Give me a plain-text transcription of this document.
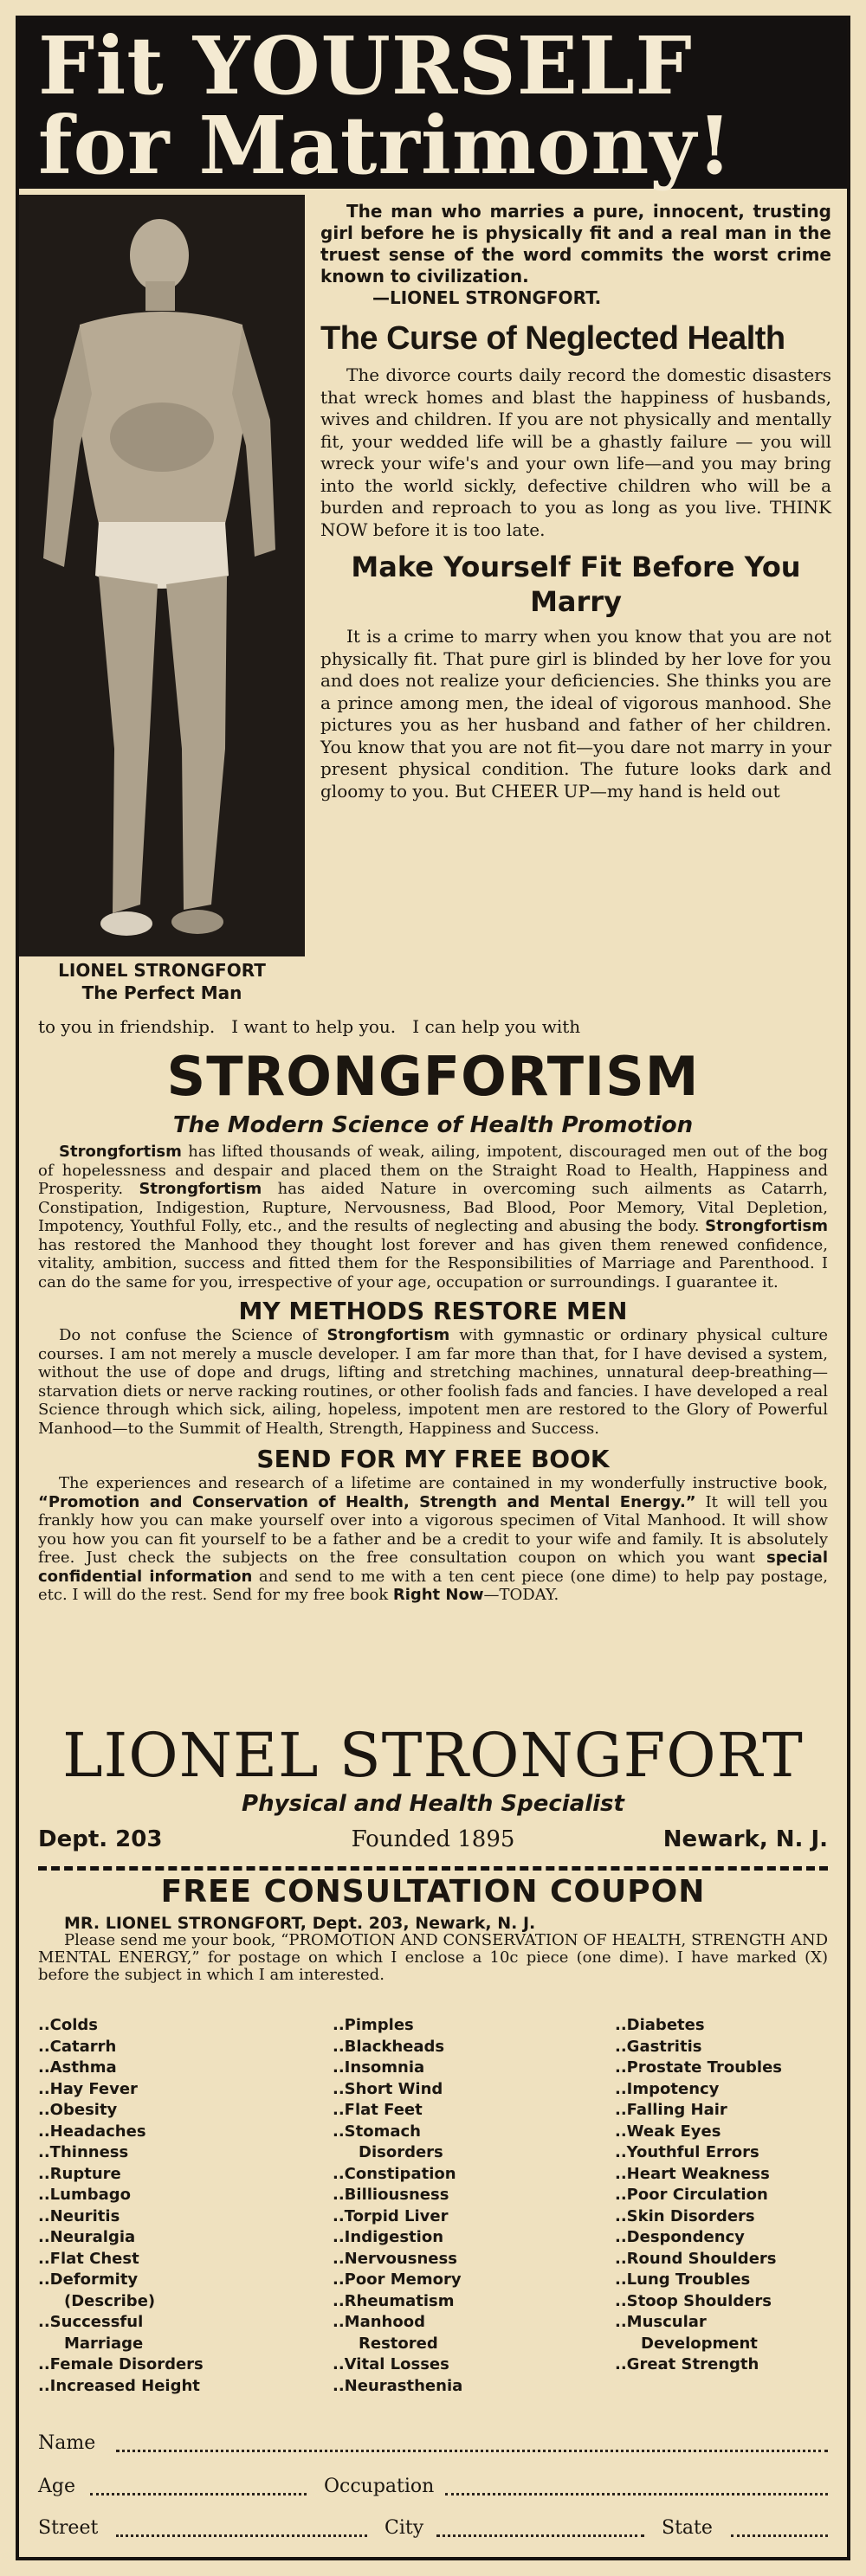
Fit YOURSELF
for Matrimony!
LIONEL STRONGFORT
The Perfect Man

The man who marries a pure, innocent, trusting girl before he is physically fit and a real man in the truest sense of the word commits the worst crime known to civilization.

—LIONEL STRONGFORT.

The Curse of Neglected Health

The divorce courts daily record the domestic disasters that wreck homes and blast the happiness of husbands, wives and children. If you are not physically and mentally fit, your wedded life will be a ghastly failure — you will wreck your wife's and your own life—and you may bring into the world sickly, defective children who will be a burden and reproach to you as long as you live. THINK NOW before it is too late.

Make Yourself Fit Before You Marry

It is a crime to marry when you know that you are not physically fit. That pure girl is blinded by her love for you and does not realize your deficiencies. She thinks you are a prince among men, the ideal of vigorous manhood. She pictures you as her husband and father of her children. You know that you are not fit—you dare not marry in your present physical condition. The future looks dark and gloomy to you. But CHEER UP—my hand is held out

to you in friendship.   I want to help you.   I can help you with
STRONGFORTISM
The Modern Science of Health Promotion

Strongfortism has lifted thousands of weak, ailing, impotent, discouraged men out of the bog of hopelessness and despair and placed them on the Straight Road to Health, Happiness and Prosperity. Strongfortism has aided Nature in overcoming such ailments as Catarrh, Constipation, Indigestion, Rupture, Nervousness, Bad Blood, Poor Memory, Vital Depletion, Impotency, Youthful Folly, etc., and the results of neglecting and abusing the body. Strongfortism has restored the Manhood they thought lost forever and has given them renewed confidence, vitality, ambition, success and fitted them for the Responsibilities of Marriage and Parenthood. I can do the same for you, irrespective of your age, occupation or surroundings. I guarantee it.

MY METHODS RESTORE MEN

Do not confuse the Science of Strongfortism with gymnastic or ordinary physical culture courses. I am not merely a muscle developer. I am far more than that, for I have devised a system, without the use of dope and drugs, lifting and stretching machines, unnatural deep-breathing—starvation diets or nerve racking routines, or other foolish fads and fancies. I have developed a real Science through which sick, ailing, hopeless, impotent men are restored to the Glory of Powerful Manhood—to the Summit of Health, Strength, Happiness and Success.

SEND FOR MY FREE BOOK

The experiences and research of a lifetime are contained in my wonderfully instructive book, “Promotion and Conservation of Health, Strength and Mental Energy.” It will tell you frankly how you can make yourself over into a vigorous specimen of Vital Manhood. It will show you how you can fit yourself to be a father and be a credit to your wife and family. It is absolutely free. Just check the subjects on the free consultation coupon on which you want special confidential information and send to me with a ten cent piece (one dime) to help pay postage, etc. I will do the rest. Send for my free book Right Now—TODAY.

LIONEL STRONGFORT
Physical and Health Specialist
Dept. 203	Founded 1895	Newark, N. J.
FREE CONSULTATION COUPON
MR. LIONEL STRONGFORT, Dept. 203, Newark, N. J.
Please send me your book, “PROMOTION AND CONSERVATION OF HEALTH, STRENGTH AND MENTAL ENERGY,” for postage on which I enclose a 10c piece (one dime). I have marked (X) before the subject in which I am interested.
..Colds
..Catarrh
..Asthma
..Hay Fever
..Obesity
..Headaches
..Thinness
..Rupture
..Lumbago
..Neuritis
..Neuralgia
..Flat Chest
..Deformity
(Describe)
..Successful
Marriage
..Female Disorders
..Increased Height
..Pimples
..Blackheads
..Insomnia
..Short Wind
..Flat Feet
..Stomach
Disorders
..Constipation
..Billiousness
..Torpid Liver
..Indigestion
..Nervousness
..Poor Memory
..Rheumatism
..Manhood
Restored
..Vital Losses
..Neurasthenia
..Diabetes
..Gastritis
..Prostate Troubles
..Impotency
..Falling Hair
..Weak Eyes
..Youthful Errors
..Heart Weakness
..Poor Circulation
..Skin Disorders
..Despondency
..Round Shoulders
..Lung Troubles
..Stoop Shoulders
..Muscular
Development
..Great Strength
Name
Age	Occupation
Street	City	State
